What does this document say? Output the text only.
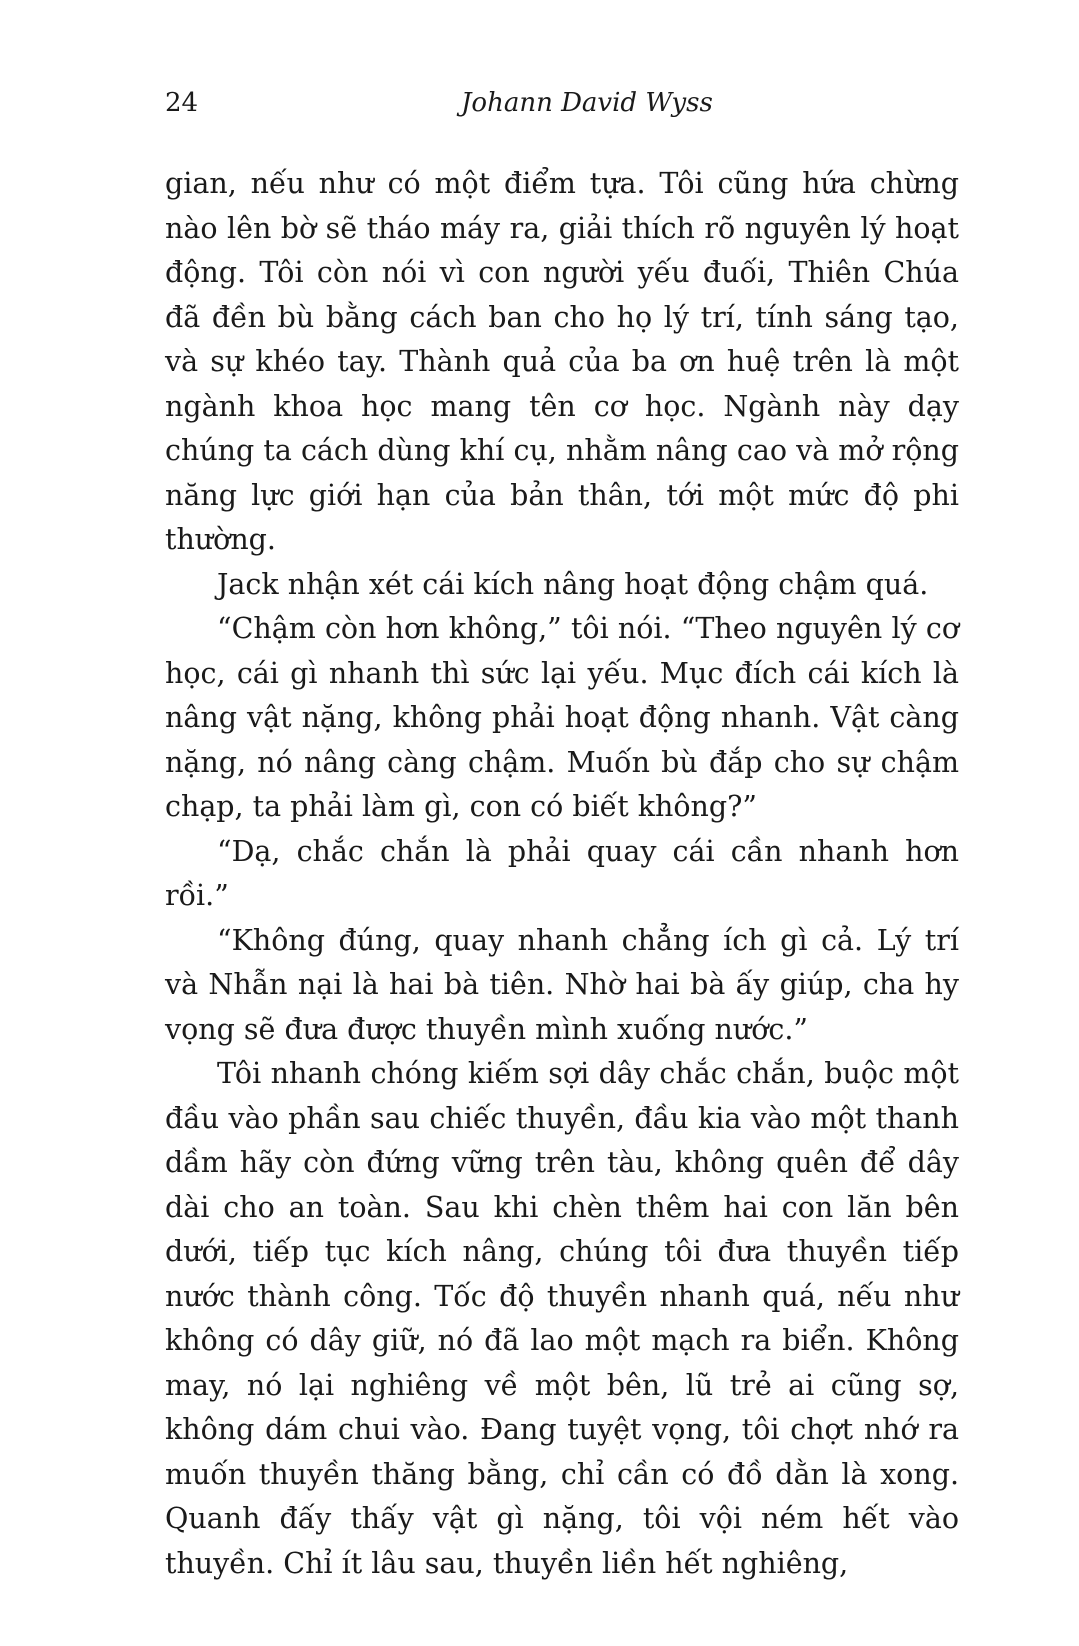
24	Johann David Wyss

gian, nếu như có một điểm tựa. Tôi cũng hứa chừng nào lên bờ sẽ tháo máy ra, giải thích rõ nguyên lý hoạt động. Tôi còn nói vì con người yếu đuối, Thiên Chúa đã đền bù bằng cách ban cho họ lý trí, tính sáng tạo, và sự khéo tay. Thành quả của ba ơn huệ trên là một ngành khoa học mang tên cơ học. Ngành này dạy chúng ta cách dùng khí cụ, nhằm nâng cao và mở rộng năng lực giới hạn của bản thân, tới một mức độ phi thường.

Jack nhận xét cái kích nâng hoạt động chậm quá.

“Chậm còn hơn không,” tôi nói. “Theo nguyên lý cơ học, cái gì nhanh thì sức lại yếu. Mục đích cái kích là nâng vật nặng, không phải hoạt động nhanh. Vật càng nặng, nó nâng càng chậm. Muốn bù đắp cho sự chậm chạp, ta phải làm gì, con có biết không?”

“Dạ, chắc chắn là phải quay cái cần nhanh hơn rồi.”

“Không đúng, quay nhanh chẳng ích gì cả. Lý trí và Nhẫn nại là hai bà tiên. Nhờ hai bà ấy giúp, cha hy vọng sẽ đưa được thuyền mình xuống nước.”

Tôi nhanh chóng kiếm sợi dây chắc chắn, buộc một đầu vào phần sau chiếc thuyền, đầu kia vào một thanh dầm hãy còn đứng vững trên tàu, không quên để dây dài cho an toàn. Sau khi chèn thêm hai con lăn bên dưới, tiếp tục kích nâng, chúng tôi đưa thuyền tiếp nước thành công. Tốc độ thuyền nhanh quá, nếu như không có dây giữ, nó đã lao một mạch ra biển. Không may, nó lại nghiêng về một bên, lũ trẻ ai cũng sợ, không dám chui vào. Đang tuyệt vọng, tôi chợt nhớ ra muốn thuyền thăng bằng, chỉ cần có đồ dằn là xong. Quanh đấy thấy vật gì nặng, tôi vội ném hết vào thuyền. Chỉ ít lâu sau, thuyền liền hết nghiêng,
